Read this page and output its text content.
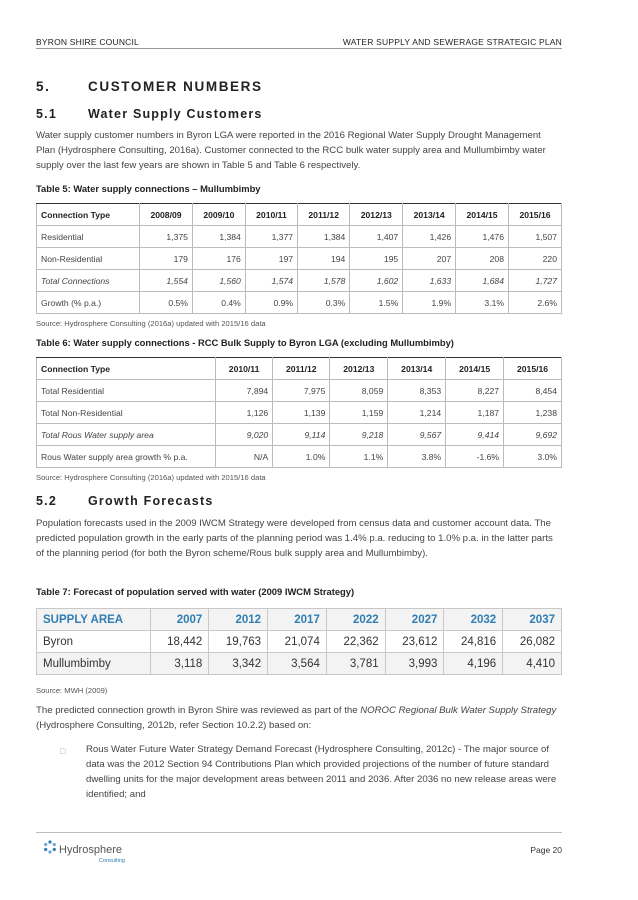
BYRON SHIRE COUNCIL	WATER SUPPLY AND SEWERAGE STRATEGIC PLAN
5.	CUSTOMER NUMBERS
5.1 Water Supply Customers
Water supply customer numbers in Byron LGA were reported in the 2016 Regional Water Supply Drought Management Plan (Hydrosphere Consulting, 2016a). Customer connected to the RCC bulk water supply area and Mullumbimby water supply over the last few years are shown in Table 5 and Table 6 respectively.
Table 5: Water supply connections – Mullumbimby
Connection Type	2008/09	2009/10	2010/11	2011/12	2012/13	2013/14	2014/15	2015/16
Residential	1,375	1,384	1,377	1,384	1,407	1,426	1,476	1,507
Non-Residential	179	176	197	194	195	207	208	220
Total Connections	1,554	1,560	1,574	1,578	1,602	1,633	1,684	1,727
Growth (% p.a.)	0.5%	0.4%	0.9%	0.3%	1.5%	1.9%	3.1%	2.6%
Source: Hydrosphere Consulting (2016a) updated with 2015/16 data
Table 6: Water supply connections - RCC Bulk Supply to Byron LGA (excluding Mullumbimby)
Connection Type	2010/11	2011/12	2012/13	2013/14	2014/15	2015/16
Total Residential	7,894	7,975	8,059	8,353	8,227	8,454
Total Non-Residential	1,126	1,139	1,159	1,214	1,187	1,238
Total Rous Water supply area	9,020	9,114	9,218	9,567	9,414	9,692
Rous Water supply area growth % p.a.	N/A	1.0%	1.1%	3.8%	-1.6%	3.0%
Source: Hydrosphere Consulting (2016a) updated with 2015/16 data
5.2 Growth Forecasts
Population forecasts used in the 2009 IWCM Strategy were developed from census data and customer account data. The predicted population growth in the early parts of the planning period was 1.4% p.a. reducing to 1.0% p.a. in the latter parts of the planning period (for both the Byron scheme/Rous bulk supply area and Mullumbimby).
Table 7: Forecast of population served with water (2009 IWCM Strategy)
SUPPLY AREA	2007	2012	2017	2022	2027	2032	2037
Byron	18,442	19,763	21,074	22,362	23,612	24,816	26,082
Mullumbimby	3,118	3,342	3,564	3,781	3,993	4,196	4,410
Source: MWH (2009)
The predicted connection growth in Byron Shire was reviewed as part of the NOROC Regional Bulk Water Supply Strategy (Hydrosphere Consulting, 2012b, refer Section 10.2.2) based on:
□ Rous Water Future Water Strategy Demand Forecast (Hydrosphere Consulting, 2012c) - The major source of data was the 2012 Section 94 Contributions Plan which provided projections of the number of future standard dwelling units for the major development areas between 2011 and 2036. After 2036 no new release areas were identified; and
Hydrosphere
Consulting
Page 20
